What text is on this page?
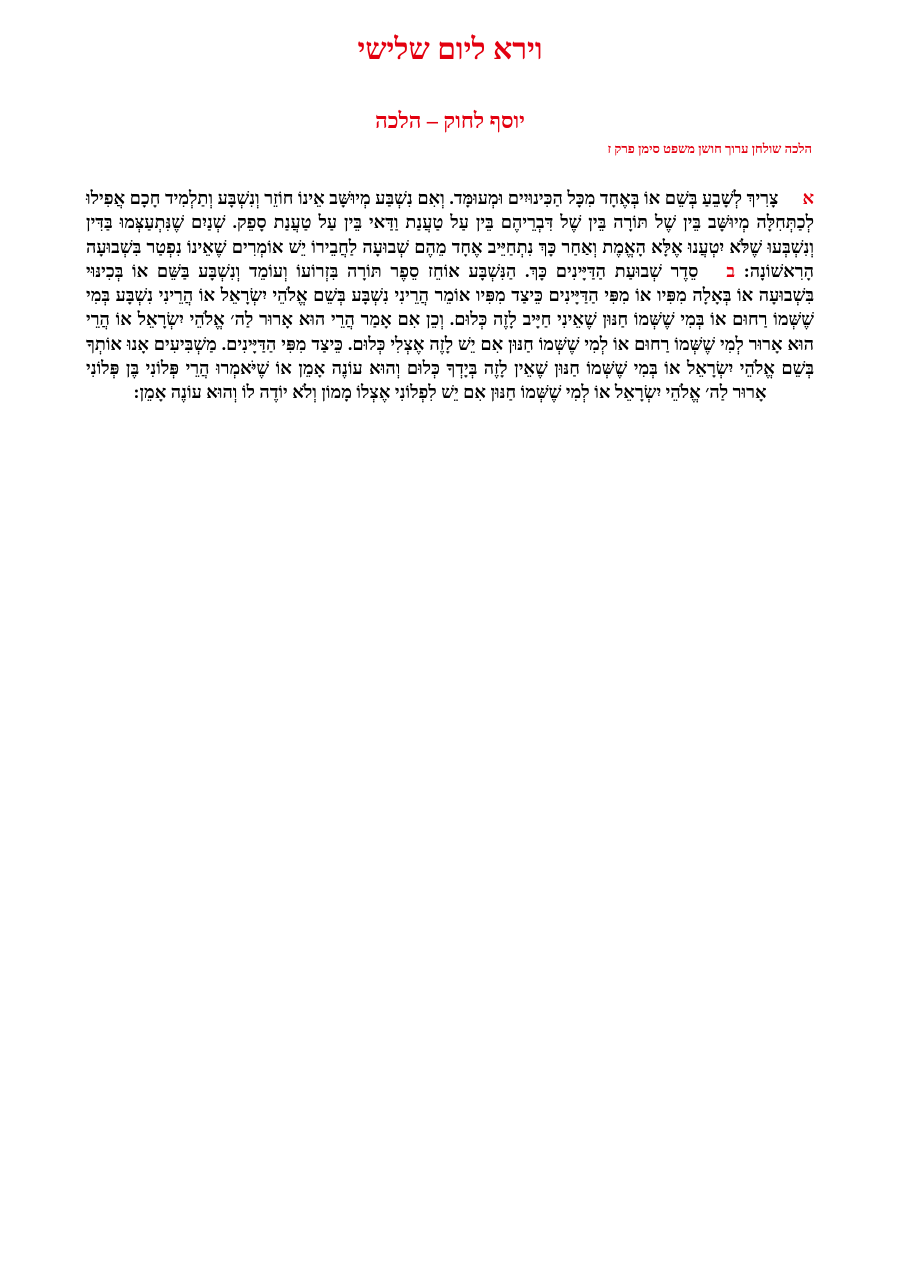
וירא ליום שלישי
יוסף לחוק – הלכה
הלכה שולחן ערוך חושן משפט סימן פרק ז

אצָרִיךְ לְשָׁבֵעַ בְּשֵׁם אוֹ בְּאֶחָד מִכָּל הַכִּינוּיִים וּמְעוּמָּד. וְאִם נִשְׁבַּע מְיוּשָּׁב אֵינוֹ חוֹזֵר וְנִשְׁבָּע וְתַלְמִיד חָכָם אֲפִילוּ לְכַתְּחִלָּה מְיוּשָּׁב בֵּין שֶׁל תּוֹרָה בֵּין שֶׁל דִּבְרֵיהֶם בֵּין עַל טַעֲנַת וַדַּאי בֵּין עַל טַעֲנַת סָפֵק. שְׁנַיִם שֶׁנִּתְעַצְּמוּ בַּדִּין וְנִשְׁבְּעוּ שֶׁלֹּא יִטְעֲנוּ אֶלָּא הָאֱמֶת וְאַחַר כָּךְ נִתְחַיֵּיב אֶחָד מֵהֶם שְׁבוּעָה לַחֲבֵירוֹ יֵשׁ אוֹמְרִים שֶׁאֵינוֹ נִפְטַר בִּשְׁבוּעָה הָרִאשׁוֹנָה: בסֵדֶר שְׁבוּעַת הַדַּיָּינִים כָּךְ. הַנִּשְׁבָּע אוֹחֵז סֵפֶר תּוֹרָה בִּזְרוֹעוֹ וְעוֹמֵד וְנִשְׁבָּע בַּשֵּׁם אוֹ בְּכִינּוּי בִּשְׁבוּעָה אוֹ בְּאָלָה מִפִּיו אוֹ מִפִּי הַדַּיָּינִים כֵּיצַד מִפִּיו אוֹמֵר הֲרֵינִי נִשְׁבָּע בְּשֵׁם אֱלֹהֵי יִשְׂרָאֵל אוֹ הֲרֵינִי נִשְׁבָּע בְּמִי שֶׁשְּׁמוֹ רַחוּם אוֹ בְּמִי שֶׁשְּׁמוֹ חַנּוּן שֶׁאֵינִי חַיָּיב לָזֶה כְּלוּם. וְכֵן אִם אָמַר הֲרֵי הוּא אָרוּר לַה׳ אֱלֹהֵי יִשְׂרָאֵל אוֹ הֲרֵי הוּא אָרוּר לְמִי שֶׁשְּׁמוֹ רַחוּם אוֹ לְמִי שֶׁשְּׁמוֹ חַנּוּן אִם יֵשׁ לָזֶה אֶצְלִי כְּלוּם. כֵּיצַד מִפִּי הַדַּיָּינִים. מַשְׁבִּיעִים אָנוּ אוֹתְךָ בְּשֵׁם אֱלֹהֵי יִשְׂרָאֵל אוֹ בְּמִי שֶׁשְּׁמוֹ חַנּוּן שֶׁאֵין לָזֶה בְּיָדְךָ כְּלוּם וְהוּא עוֹנֶה אָמֵן אוֹ שֶׁיֹּאמְרוּ הֲרֵי פְּלוֹנִי בֶּן פְּלוֹנִי אָרוּר לַה׳ אֱלֹהֵי יִשְׂרָאֵל אוֹ לְמִי שֶׁשְּׁמוֹ חַנּוּן אִם יֵשׁ לִפְלוֹנִי אֶצְלוֹ מָמוֹן וְלֹא יוֹדֶה לוֹ וְהוּא עוֹנֶה אָמֵן:
